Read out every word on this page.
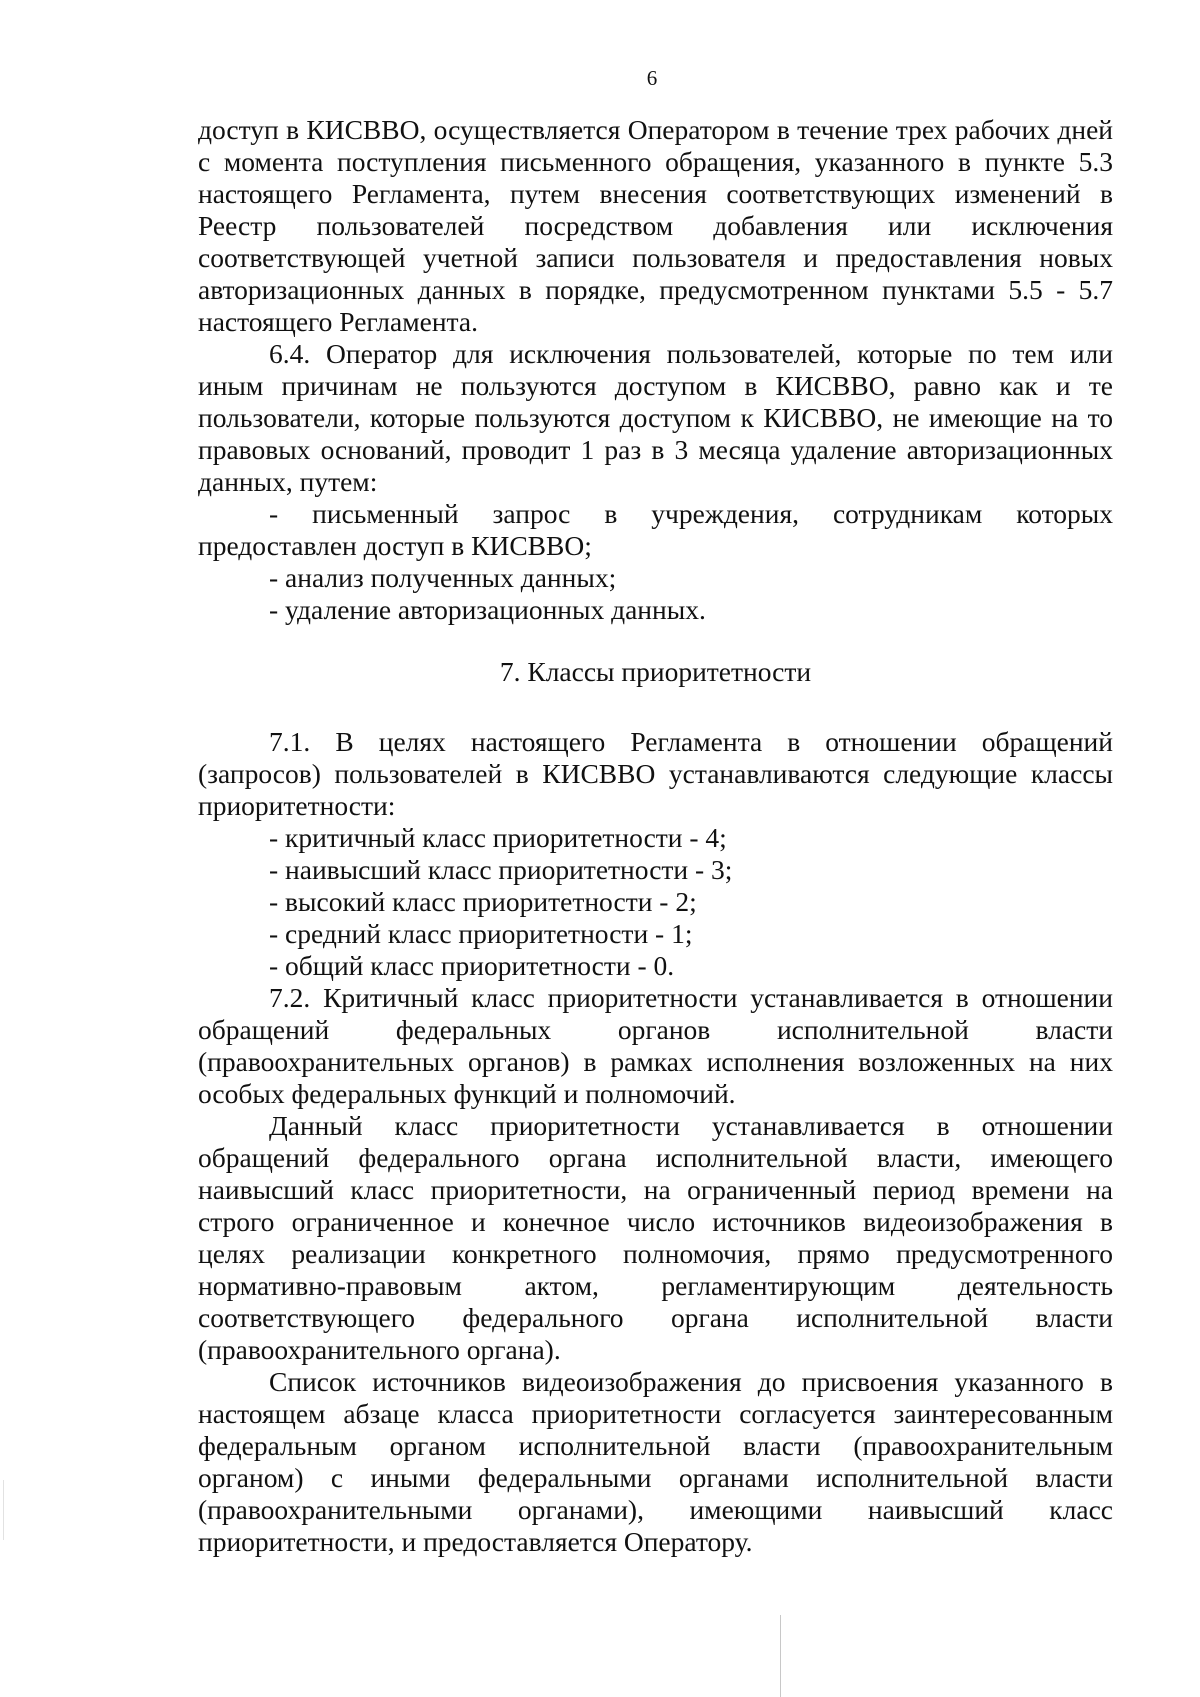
6

доступ в КИСВВО, осуществляется Оператором в течение трех рабочих дней с момента поступления письменного обращения, указанного в пункте 5.3 настоящего Регламента, путем внесения соответствующих изменений в Реестр пользователей посредством добавления или исключения соответствующей учетной записи пользователя и предоставления новых авторизационных данных в порядке, предусмотренном пунктами 5.5 - 5.7 настоящего Регламента.

6.4. Оператор для исключения пользователей, которые по тем или иным причинам не пользуются доступом в КИСВВО, равно как и те пользователи, которые пользуются доступом к КИСВВО, не имеющие на то правовых оснований, проводит 1 раз в 3 месяца удаление авторизационных данных, путем:

- письменный запрос в учреждения, сотрудникам которых предоставлен доступ в КИСВВО;

- анализ полученных данных;

- удаление авторизационных данных.

7. Классы приоритетности

7.1. В целях настоящего Регламента в отношении обращений (запросов) пользователей в КИСВВО устанавливаются следующие классы приоритетности:

- критичный класс приоритетности - 4;

- наивысший класс приоритетности - 3;

- высокий класс приоритетности - 2;

- средний класс приоритетности - 1;

- общий класс приоритетности - 0.

7.2. Критичный класс приоритетности устанавливается в отношении обращений федеральных органов исполнительной власти (правоохранительных органов) в рамках исполнения возложенных на них особых федеральных функций и полномочий.

Данный класс приоритетности устанавливается в отношении обращений федерального органа исполнительной власти, имеющего наивысший класс приоритетности, на ограниченный период времени на строго ограниченное и конечное число источников видеоизображения в целях реализации конкретного полномочия, прямо предусмотренного нормативно-правовым актом, регламентирующим деятельность соответствующего федерального органа исполнительной власти (правоохранительного органа).

Список источников видеоизображения до присвоения указанного в настоящем абзаце класса приоритетности согласуется заинтересованным федеральным органом исполнительной власти (правоохранительным органом) с иными федеральными органами исполнительной власти (правоохранительными органами), имеющими наивысший класс приоритетности, и предоставляется Оператору.
